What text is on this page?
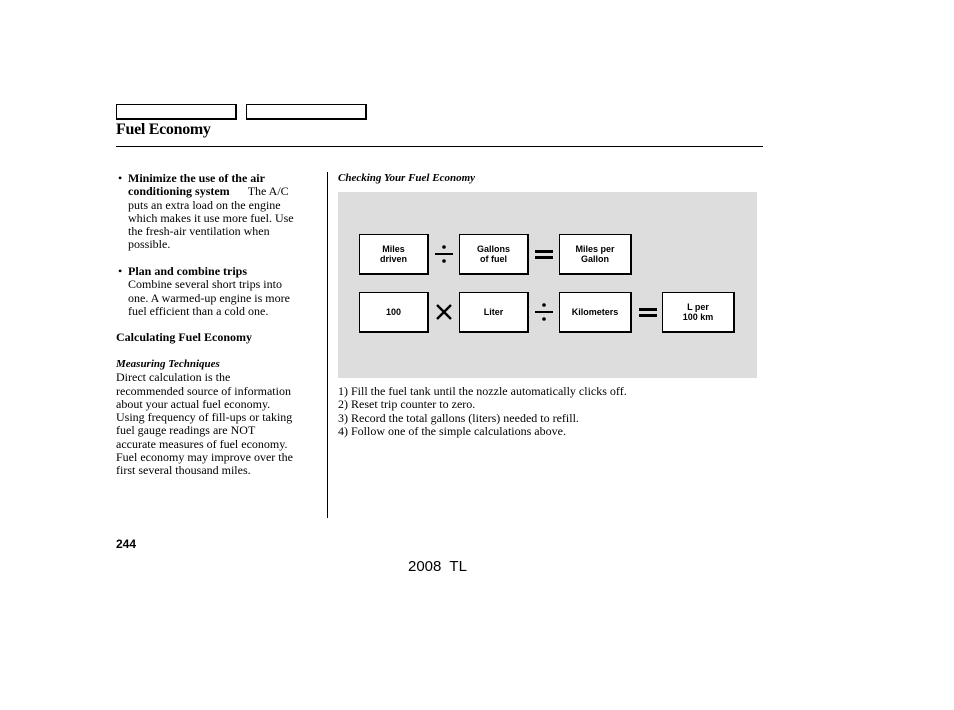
Fuel Economy
• Minimize the use of the air
conditioning system The A/C
puts an extra load on the engine
which makes it use more fuel. Use
the fresh-air ventilation when
possible.
• Plan and combine trips
Combine several short trips into
one. A warmed-up engine is more
fuel efficient than a cold one.
Calculating Fuel Economy
Measuring Techniques
Direct calculation is the
recommended source of information
about your actual fuel economy.
Using frequency of fill-ups or taking
fuel gauge readings are NOT
accurate measures of fuel economy.
Fuel economy may improve over the
first several thousand miles.
Checking Your Fuel Economy
Miles
driven
Gallons
of fuel
Miles per
Gallon
100	Liter	Kilometers	L per
100 km
1) Fill the fuel tank until the nozzle automatically clicks off.
2) Reset trip counter to zero.
3) Record the total gallons (liters) needed to refill.
4) Follow one of the simple calculations above.
244
2008  TL
